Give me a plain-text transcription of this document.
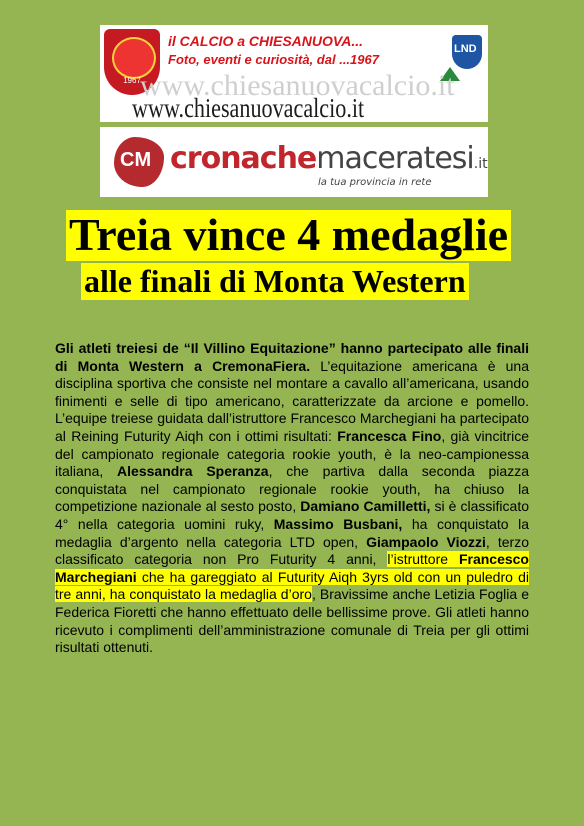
1967
il CALCIO a CHIESANUOVA...
Foto, eventi e curiosità, dal ...1967
LND
www.chiesanuovacalcio.it
www.chiesanuovacalcio.it
CM cronachemaceratesi.it
la tua provincia in rete
Treia vince 4 medaglie
alle finali di Monta Western
Gli atleti treiesi de “Il Villino Equitazione” hanno partecipato alle finali di Monta Western a CremonaFiera. L’equitazione americana è una disciplina sportiva che consiste nel montare a cavallo all’americana, usando finimenti e selle di tipo americano, caratterizzate da arcione e pomello. L’equipe treiese guidata dall’istruttore Francesco Marchegiani ha partecipato al Reining Futurity Aiqh con i ottimi risultati: Francesca Fino, già vincitrice del campionato regionale categoria rookie youth, è la neo-campionessa italiana, Alessandra Speranza, che partiva dalla seconda piazza conquistata nel campionato regionale rookie youth, ha chiuso la competizione nazionale al sesto posto, Damiano Camilletti, si è classificato 4° nella categoria uomini ruky, Massimo Busbani, ha conquistato la medaglia d’argento nella categoria LTD open, Giampaolo Viozzi, terzo classificato categoria non Pro Futurity 4 anni, l’istruttore Francesco Marchegiani che ha gareggiato al Futurity Aiqh 3yrs old con un puledro di tre anni, ha conquistato la medaglia d’oro, Bravissime anche Letizia Foglia e Federica Fioretti che hanno effettuato delle bellissime prove. Gli atleti hanno ricevuto i complimenti dell’amministrazione comunale di Treia per gli ottimi risultati ottenuti.
